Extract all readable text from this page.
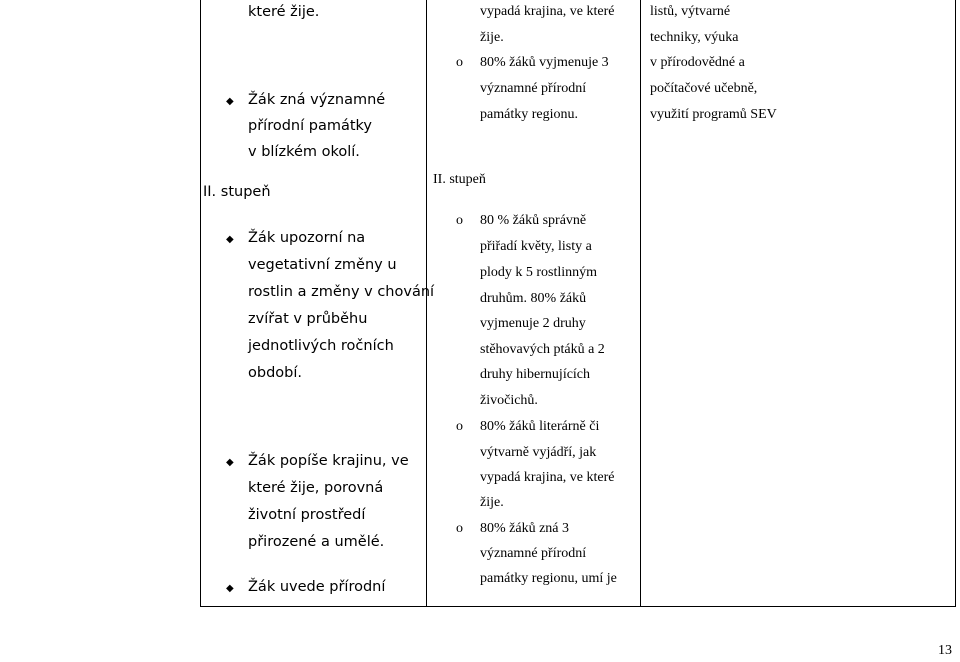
které žije.
◆ Žák zná významné
přírodní památky
v blízkém okolí.
II. stupeň
◆ Žák upozorní na
vegetativní změny u
rostlin a změny v chování
zvířat v průběhu
jednotlivých ročních
období.
◆ Žák popíše krajinu, ve
které žije, porovná
životní prostředí
přirozené a umělé.
◆ Žák uvede přírodní
vypadá krajina, ve které
žije.
o 80% žáků vyjmenuje 3
významné přírodní
památky regionu.
II. stupeň
o 80 % žáků správně
přiřadí květy, listy a
plody k 5 rostlinným
druhům. 80% žáků
vyjmenuje 2 druhy
stěhovavých ptáků a 2
druhy hibernujících
živočichů.
o 80% žáků literárně či
výtvarně vyjádří, jak
vypadá krajina, ve které
žije.
o 80% žáků zná 3
významné přírodní
památky regionu, umí je
listů, výtvarné
techniky, výuka
v přírodovědné a
počítačové učebně,
využití programů SEV
13
